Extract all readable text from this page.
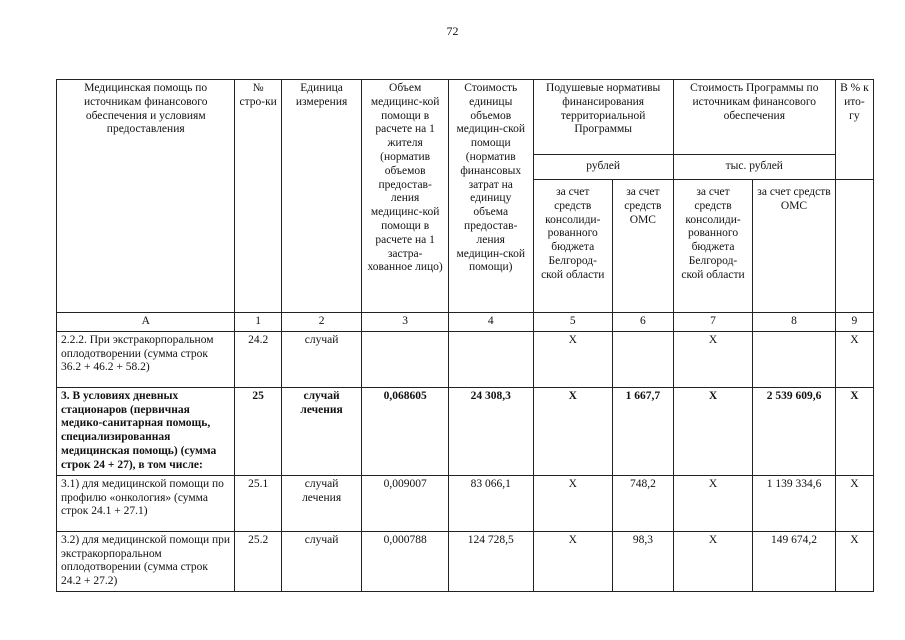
72
Медицинская помощь по источникам финансового обеспечения и условиям предоставления	№ стро-ки	Единица измерения	Объем медицинс-кой помощи в расчете на 1 жителя (норматив объемов предостав-ления медицинс-кой помощи в расчете на 1 застра-хованное лицо)	Стоимость единицы объемов медицин-ской помощи (норматив финансовых затрат на единицу объема предостав-ления медицин-ской помощи)	Подушевые нормативы финансирования территориальной Программы		Стоимость Программы по источникам финансового обеспечения		В % к ито-гу
					рублей		тыс. рублей		
					за счет средств консолиди-рованного бюджета Белгород-ской области	за счет средств ОМС	за счет средств консолиди-рованного бюджета Белгород-ской области	за счет средств ОМС	
А	1	2	3	4	5	6	7	8	9
2.2.2. При экстракорпоральном оплодотворении (сумма строк 36.2 + 46.2 + 58.2)	24.2	случай			Х		Х		Х
3. В условиях дневных стационаров (первичная медико-санитарная помощь, специализированная медицинская помощь) (сумма строк 24 + 27), в том числе:	25	случай лечения	0,068605	24 308,3	Х	1 667,7	Х	2 539 609,6	Х
3.1) для медицинской помощи по профилю «онкология» (сумма строк 24.1 + 27.1)	25.1	случай лечения	0,009007	83 066,1	Х	748,2	Х	1 139 334,6	Х
3.2) для медицинской помощи при экстракорпоральном оплодотворении (сумма строк 24.2 + 27.2)	25.2	случай	0,000788	124 728,5	Х	98,3	Х	149 674,2	Х
